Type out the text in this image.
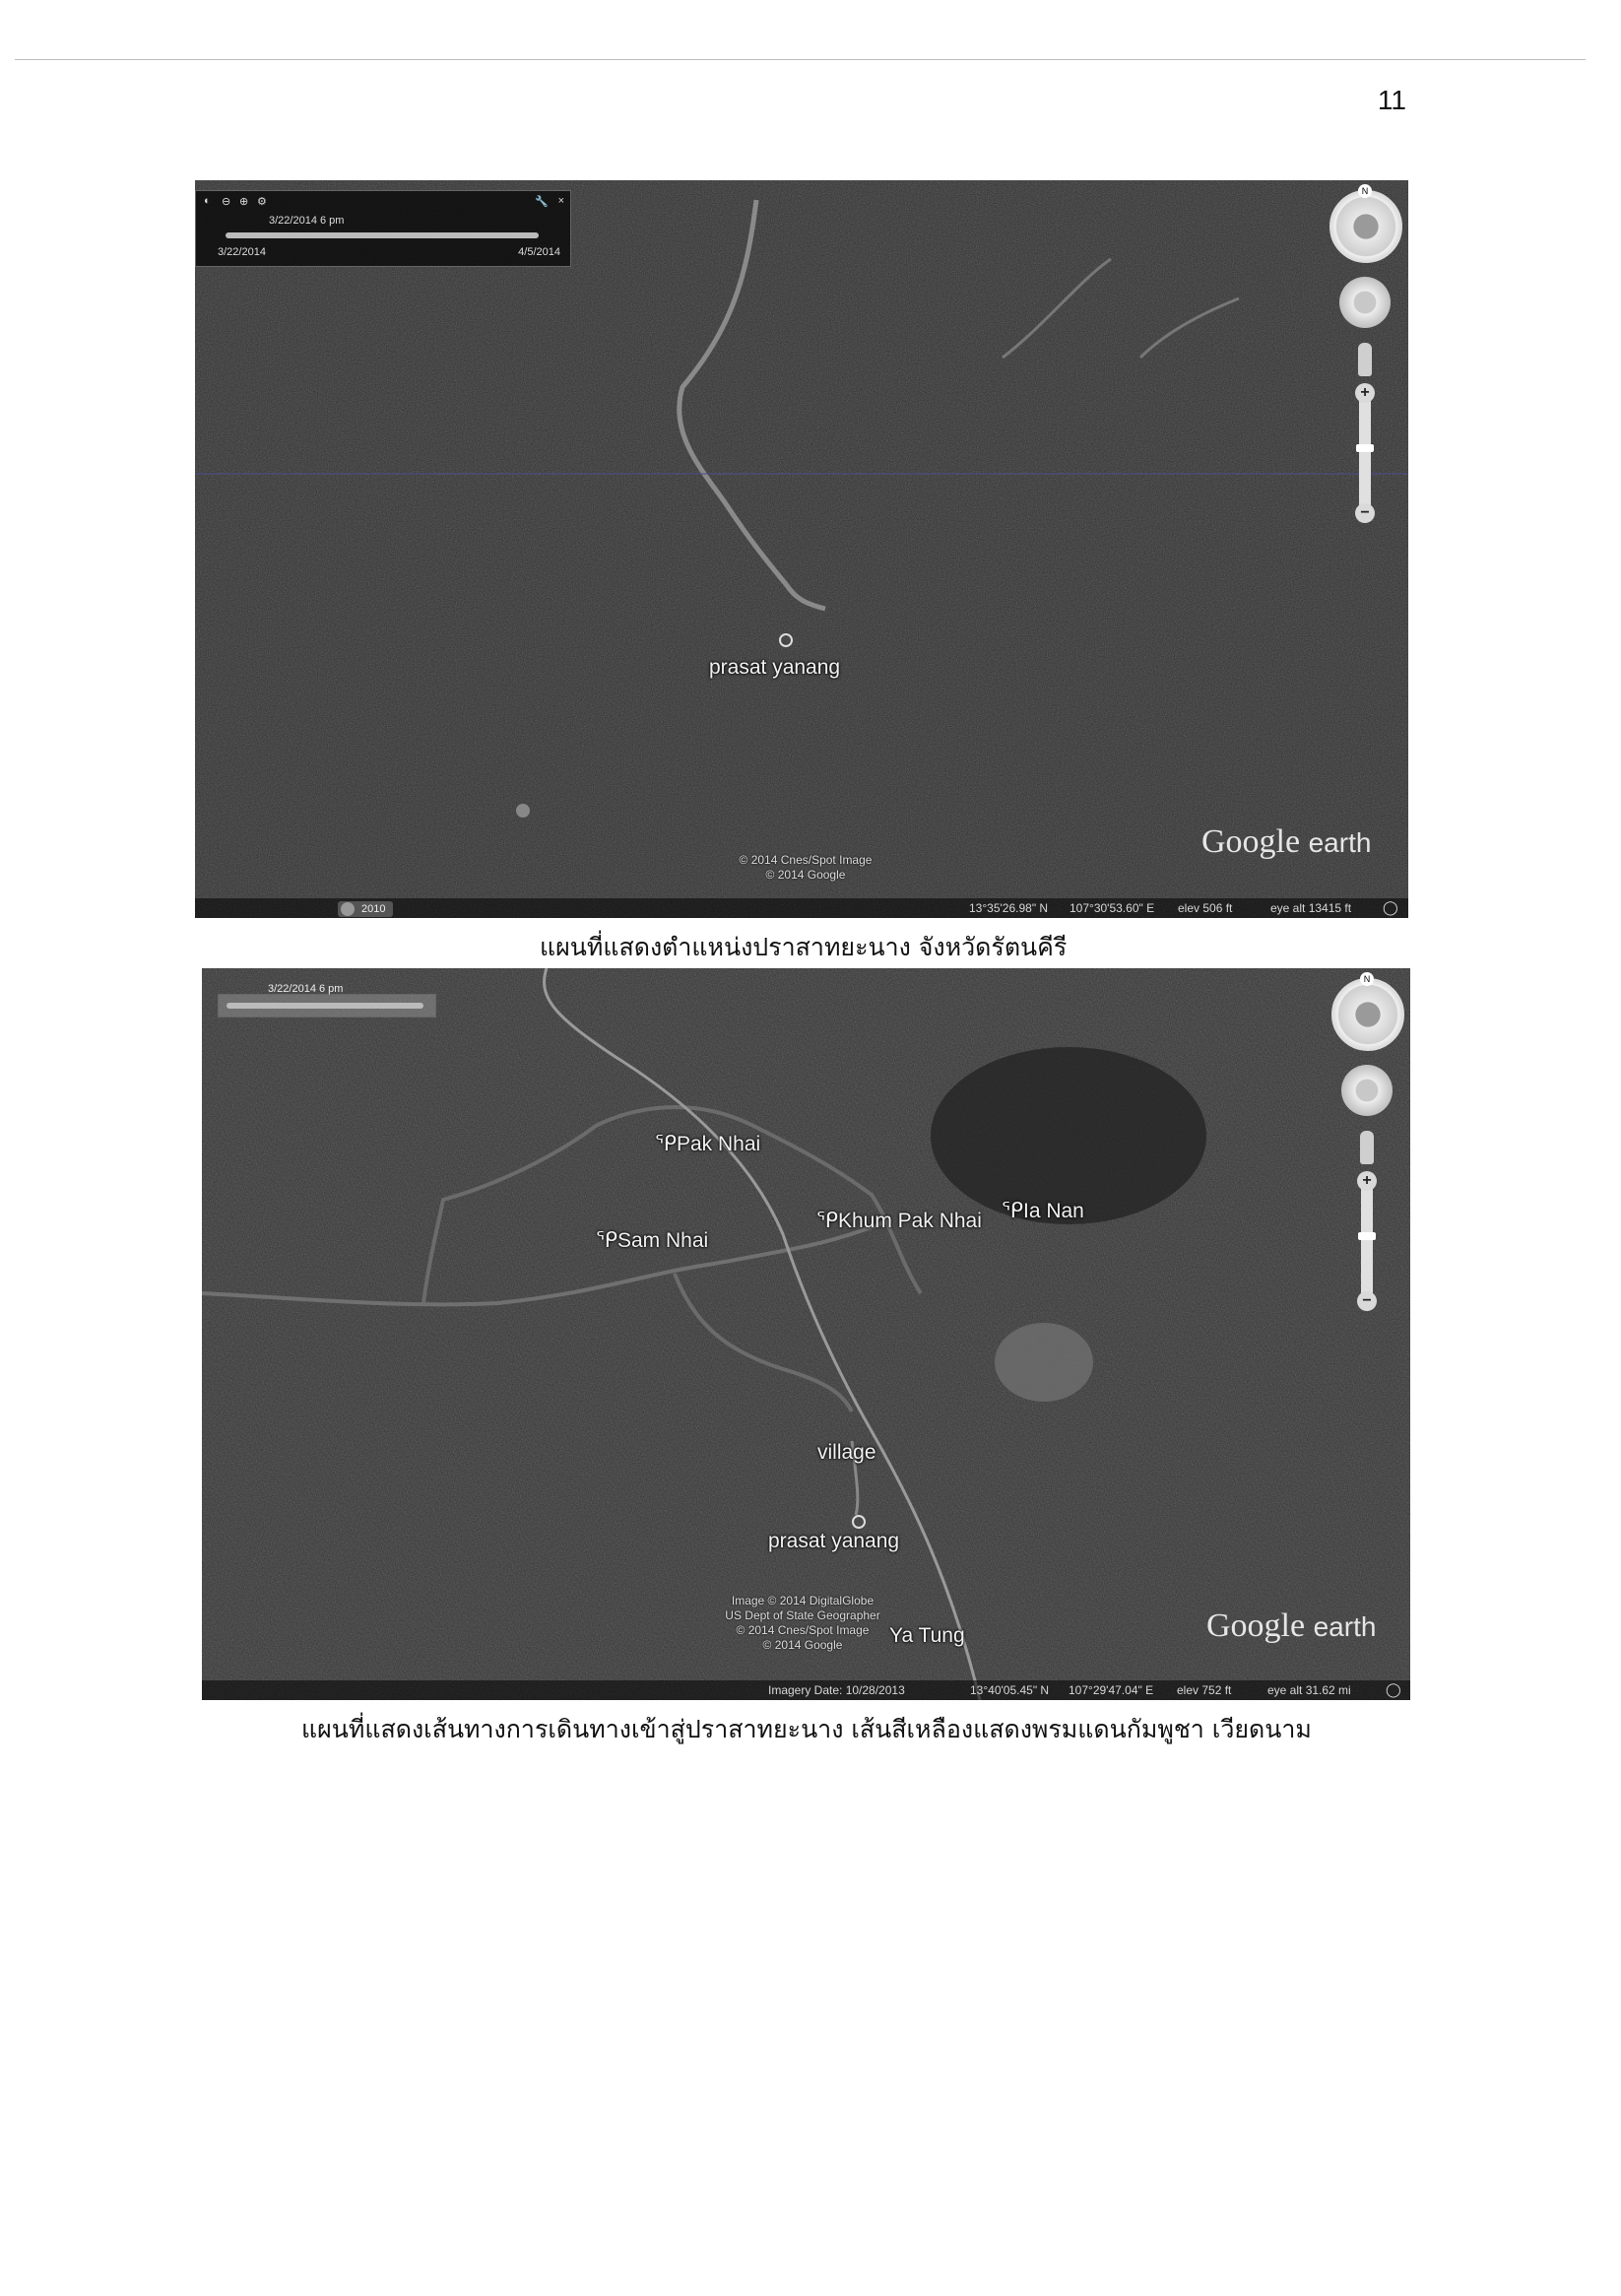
11
◐ ⊖ ⊕ ⚙	🔧 ×
3/22/2014 6 pm
3/22/2014	4/5/2014
prasat yanang
© 2014 Cnes/Spot Image
© 2014 Google
Google earth
N
+
−
2010	13°35'26.98" N 107°30'53.60" E elev 506 ft	eye alt 13415 ft ◯
แผนที่แสดงตำแหน่งปราสาทยะนาง จังหวัดรัตนคีรี
3/22/2014 6 pm
ᕿPak Nhai
ᕿSam Nhai
ᕿKhum Pak Nhai ᕿIa Nan
village
prasat yanang
Ya Tung
Image © 2014 DigitalGlobe
US Dept of State Geographer
© 2014 Cnes/Spot Image
© 2014 Google
Google earth
N
+
−
Imagery Date: 10/28/2013	13°40'05.45" N 107°29'47.04" E elev 752 ft	eye alt 31.62 mi	◯
แผนที่แสดงเส้นทางการเดินทางเข้าสู่ปราสาทยะนาง เส้นสีเหลืองแสดงพรมแดนกัมพูชา เวียดนาม
